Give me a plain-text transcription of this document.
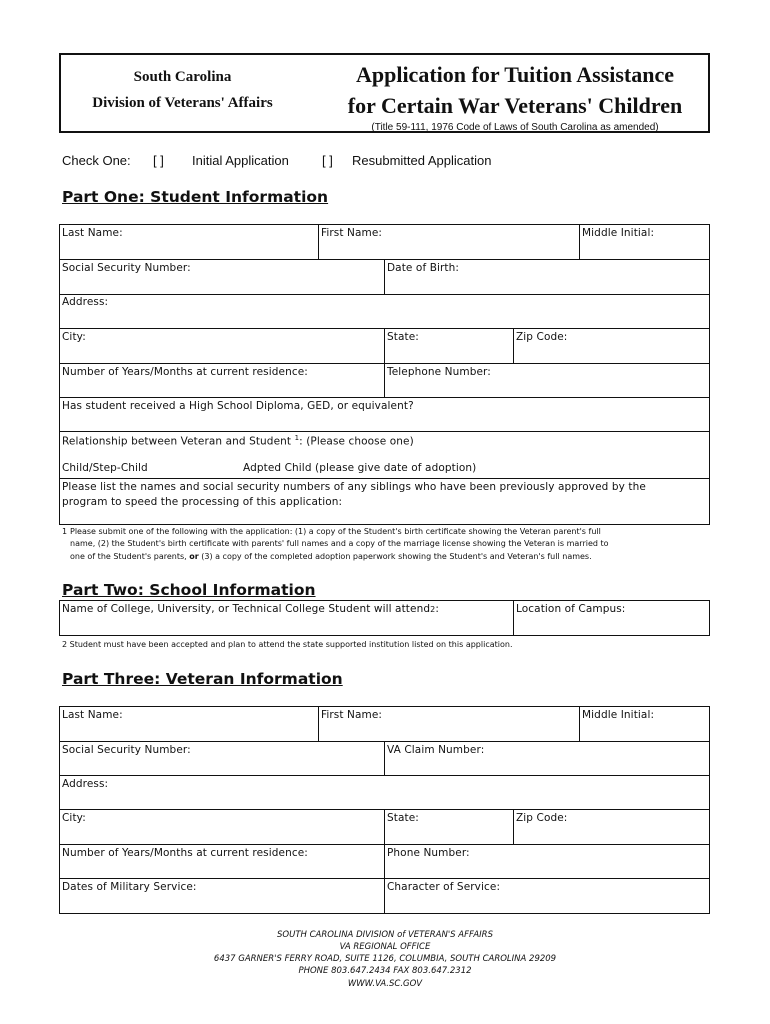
South Carolina
Division of Veterans' Affairs
Application for Tuition Assistance
for Certain War Veterans' Children
(Title 59-111, 1976 Code of Laws of South Carolina as amended)
Check One: [ ] Initial Application	[ ] Resubmitted Application
Part One: Student Information
Last Name:	First Name:	Middle Initial:
Social Security Number:	Date of Birth:
Address:
City:	State:	Zip Code:
Number of Years/Months at current residence:	Telephone Number:
Has student received a High School Diploma, GED, or equivalent?
Relationship between Veteran and Student $^1$: (Please choose one)
Child/Step-Child	Adpted Child (please give date of adoption)
Please list the names and social security numbers of any siblings who have been previously approved by the
program to speed the processing of this application:
1 Please submit one of the following with the application: (1) a copy of the Student's birth certificate showing the Veteran parent's full
name, (2) the Student's birth certificate with parents' full names and a copy of the marriage license showing the Veteran is married to
one of the Student's parents, or (3) a copy of the completed adoption paperwork showing the Student's and Veteran's full names.
Part Two: School Information
Name of College, University, or Technical College Student will attend2:	Location of Campus:
2 Student must have been accepted and plan to attend the state supported institution listed on this application.
Part Three: Veteran Information
Last Name:	First Name:	Middle Initial:
Social Security Number:	VA Claim Number:
Address:
City:	State:	Zip Code:
Number of Years/Months at current residence:	Phone Number:
Dates of Military Service:	Character of Service:
SOUTH CAROLINA DIVISION of VETERAN'S AFFAIRS
VA REGIONAL OFFICE
6437 GARNER'S FERRY ROAD, SUITE 1126, COLUMBIA, SOUTH CAROLINA 29209
PHONE 803.647.2434 FAX 803.647.2312
WWW.VA.SC.GOV
